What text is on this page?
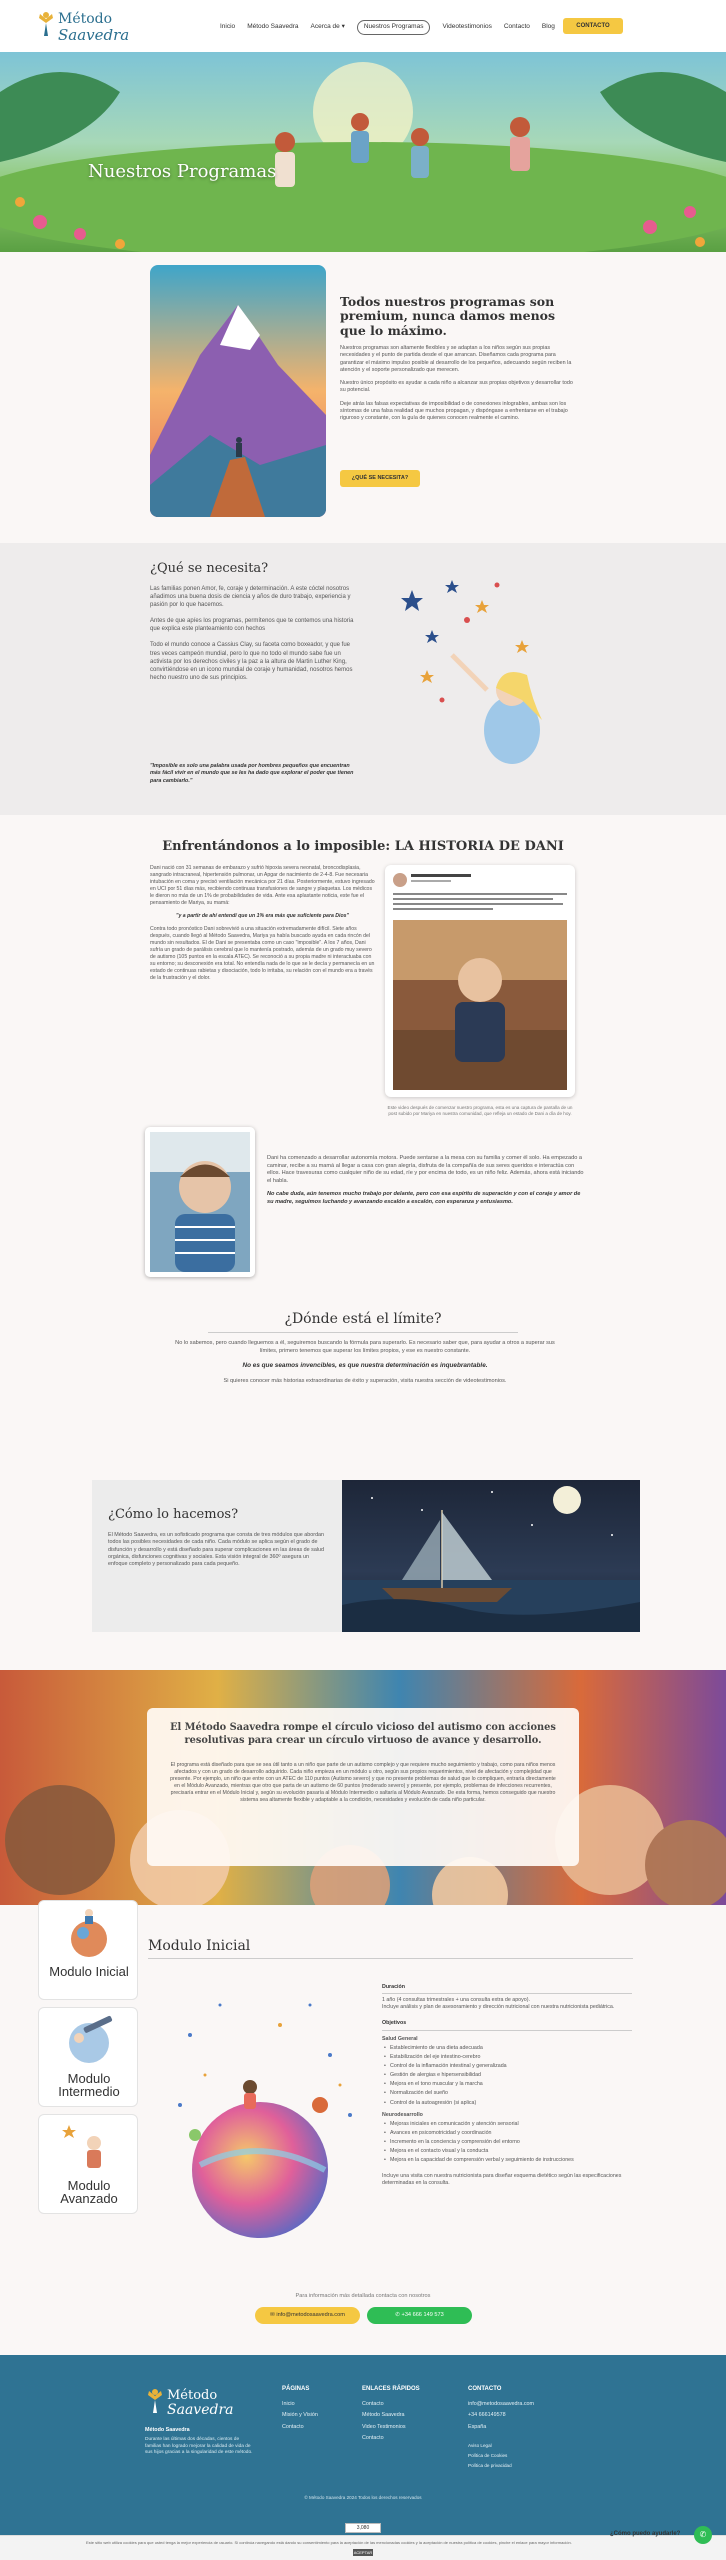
Método
Saavedra	Inicio Método Saavedra Acerca de ▾	Nuestros Programas	Videotestimonios Contacto Blog	CONTACTO
Nuestros Programas
Todos nuestros programas son premium, nunca damos menos que lo máximo.

Nuestros programas son altamente flexibles y se adaptan a los niños según sus propias necesidades y el punto de partida desde el que arrancan. Diseñamos cada programa para garantizar el máximo impulso posible al desarrollo de los pequeños, adecuando según reciben la atención y el soporte personalizado que merecen.

Nuestro único propósito es ayudar a cada niño a alcanzar sus propias objetivos y desarrollar todo su potencial.

Deje atrás las falsas expectativas de imposibilidad o de conexiones inlogrables, ambas son los síntomas de una falsa realidad que muchos propagan, y dispóngase a enfrentarse en el trabajo riguroso y constante, con la guía de quienes conocen realmente el camino.

¿QUÉ SE NECESITA?
¿Qué se necesita?

Las familias ponen Amor, fe, coraje y determinación. A este cóctel nosotros añadimos una buena dosis de ciencia y años de duro trabajo, experiencia y pasión por lo que hacemos.

Antes de que apíes los programas, permítenos que te contemos una historia que explica este planteamiento con hechos

Todo el mundo conoce a Cassius Clay, su faceta como boxeador, y que fue tres veces campeón mundial, pero lo que no todo el mundo sabe fue un activista por los derechos civiles y la paz a la altura de Martin Luther King, convirtiéndose en un icono mundial de coraje y humanidad, nosotros hemos hecho nuestro uno de sus principios.

"Imposible es solo una palabra usada por hombres pequeños que encuentran más fácil vivir en el mundo que se les ha dado que explorar el poder que tienen para cambiarlo."
Enfrentándonos a lo imposible: LA HISTORIA DE DANI

Dani nació con 31 semanas de embarazo y sufrió hipoxia severa neonatal, broncodisplasia, sangrado intracraneal, hipertensión pulmonar, un Apgar de nacimiento de 2-4-8. Fue necesaria intubación en coma y precisó ventilación mecánica por 21 días. Posteriormente, estuvo ingresado en UCI por 51 días más, recibiendo continuas transfusiones de sangre y plaquetas. Los médicos le dieron no más de un 1% de probabilidades de vida. Ante esa aplastante noticia, este fue el pensamiento de Mariya, su mamá:

"y a partir de ahí entendí que un 1% era más que suficiente para Dios"

Contra todo pronóstico Dani sobrevivió a una situación extremadamente difícil. Siete años después, cuando llegó al Método Saavedra, Mariya ya había buscado ayuda en cada rincón del mundo sin resultados. El de Dani se presentaba como un caso "imposible". A los 7 años, Dani sufría un grado de parálisis cerebral que lo mantenía postrado, además de un grado muy severo de autismo (105 puntos en la escala ATEC). Se reconoció a su propia madre ni interactuaba con su entorno; su desconexión era total. No entendía nada de lo que se le decía y permanecía en un estado de continuas rabietas y disociación, todo lo irritaba, su relación con el mundo era a través de la frustración y el dolor.

Este video después de comenzar nuestro programa, esta es una captura de pantalla de un post subido por Mariya en nuestra comunidad, que refleja un estado de Dani a día de hoy.

Dani ha comenzado a desarrollar autonomía motora. Puede sentarse a la mesa con su familia y comer él solo. Ha empezado a caminar, recibe a su mamá al llegar a casa con gran alegría, disfruta de la compañía de sus seres queridos e interactúa con ellos. Hace travesuras como cualquier niño de su edad, ríe y por encima de todo, es un niño feliz. Además, ahora está iniciando el habla.

No cabe duda, aún tenemos mucho trabajo por delante, pero con esa espíritu de superación y con el coraje y amor de su madre, seguimos luchando y avanzando escalón a escalón, con esperanza y entusiasmo.

¿Dónde está el límite?

No lo sabemos, pero cuando lleguemos a él, seguiremos buscando la fórmula para superarlo. Es necesario saber que, para ayudar a otros a superar sus límites, primero tenemos que superar los límites propios, y ese es nuestro constante.

No es que seamos invencibles, es que nuestra determinación es inquebrantable.

Si quieres conocer más historias extraordinarias de éxito y superación, visita nuestra sección de videotestimonios.

¿Cómo lo hacemos?
El Método Saavedra, es un sofisticado programa que consta de tres módulos que abordan todos las posibles necesidades de cada niño. Cada módulo se aplica según el grado de disfunción y desarrollo y está diseñado para superar complicaciones en las áreas de salud orgánica, disfunciones cognitivas y sociales. Esta visión integral de 360º asegura un enfoque completo y personalizado para cada pequeño.
El Método Saavedra rompe el círculo vicioso del autismo con acciones resolutivas para crear un círculo virtuoso de avance y desarrollo.
El programa está diseñado para que se sea útil tanto a un niño que parte de un autismo complejo y que requiere mucho seguimiento y trabajo, como para niños menos afectados y con un grado de desarrollo adquirido. Cada niño empieza en un módulo u otro, según sus propios requerimientos, nivel de afectación y complejidad que presente. Por ejemplo, un niño que entre con un ATEC de 110 puntos (Autismo severo) y que no presente problemas de salud que lo compliquen, entraría directamente en el Módulo Avanzado, mientras que otro que parta de un autismo de 60 puntos (moderado severo) y presente, por ejemplo, problemas de infecciones recurrentes, precisaría entrar en el Módulo Inicial y, según su evolución pasaría al Módulo Intermedio o saltaría al Módulo Avanzado. De esta forma, hemos conseguido que nuestro sistema sea altamente flexible y adaptable a la condición, necesidades y evolución de cada niño particular.
Modulo Inicial
Modulo Intermedio
Modulo Avanzado
Modulo Inicial
Duración
1 año (4 consultas trimestrales + una consulta extra de apoyo).
Incluye análisis y plan de asesoramiento y dirección nutricional con nuestra nutricionista pediátrica.
Objetivos
Salud General
• Establecimiento de una dieta adecuada
• Estabilización del eje intestino-cerebro
• Control de la inflamación intestinal y generalizada
• Gestión de alergias e hipersensibilidad
• Mejora en el tono muscular y la marcha
• Normalización del sueño
• Control de la autoagresión (si aplica)
Neurodesarrollo
• Mejoras iniciales en comunicación y atención sensorial
• Avances en psicomotricidad y coordinación
• Incremento en la conciencia y comprensión del entorno
• Mejora en el contacto visual y la conducta
• Mejora en la capacidad de comprensión verbal y seguimiento de instrucciones
Incluye una visita con nuestra nutricionista para diseñar esquema dietético según las especificaciones determinadas en la consulta.
Para información más detallada contacta con nosotros
✉ info@metodosaavedra.com	✆ +34 666 149 573
Método
Saavedra
Método Saavedra
Durante las últimas dos décadas, cientos de familias han logrado mejorar la calidad de vida de sus hijos gracias a la singularidad de este método.
PÁGINAS
Inicio
Misión y Visión
Contacto
ENLACES RÁPIDOS
Contacto
Método Saavedra
Video Testimonios
Contacto
CONTACTO
info@metodosaavedra.com
+34 666149578
España
Aviso Legal
Política de Cookies
Política de privacidad
© Método Saavedra 2024 Todos los derechos reservados
3,080
Este sitio web utiliza cookies para que usted tenga la mejor experiencia de usuario. Si continúa navegando está dando su consentimiento para la aceptación de las mencionadas cookies y la aceptación de nuestra política de cookies, pinche el enlace para mayor información.
ACEPTAR
¿Cómo puedo ayudarle?	✆
